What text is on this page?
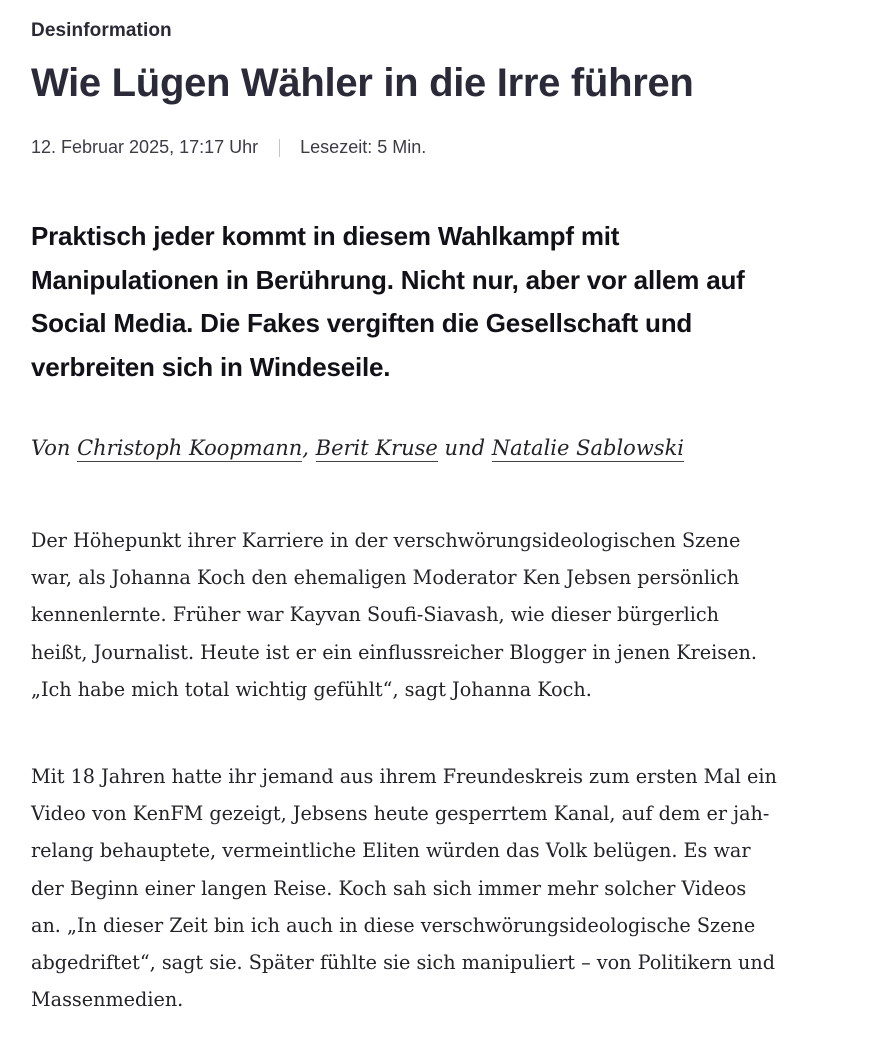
Desinformation
Wie Lügen Wähler in die Irre führen
12. Februar 2025, 17:17 Uhr Lesezeit: 5 Min.

Praktisch jeder kommt in diesem Wahlkampf mit
Manipulationen in Berührung. Nicht nur, aber vor allem auf
Social Media. Die Fakes vergiften die Gesellschaft und
verbreiten sich in Windeseile.

Von Christoph Koopmann, Berit Kruse und Natalie Sablowski

Der Höhepunkt ihrer Karriere in der verschwörungsideologischen Szene
war, als Johanna Koch den ehemaligen Moderator Ken Jebsen persönlich
kennenlernte. Früher war Kayvan Soufi-Siavash, wie dieser bürgerlich
heißt, Journalist. Heute ist er ein einflussreicher Blogger in jenen Kreisen.
„Ich habe mich total wichtig gefühlt“, sagt Johanna Koch.

Mit 18 Jahren hatte ihr jemand aus ihrem Freundeskreis zum ersten Mal ein
Video von KenFM gezeigt, Jebsens heute gesperrtem Kanal, auf dem er jah-
relang behauptete, vermeintliche Eliten würden das Volk belügen. Es war
der Beginn einer langen Reise. Koch sah sich immer mehr solcher Videos
an. „In dieser Zeit bin ich auch in diese verschwörungsideologische Szene
abgedriftet“, sagt sie. Später fühlte sie sich manipuliert – von Politikern und
Massenmedien.
